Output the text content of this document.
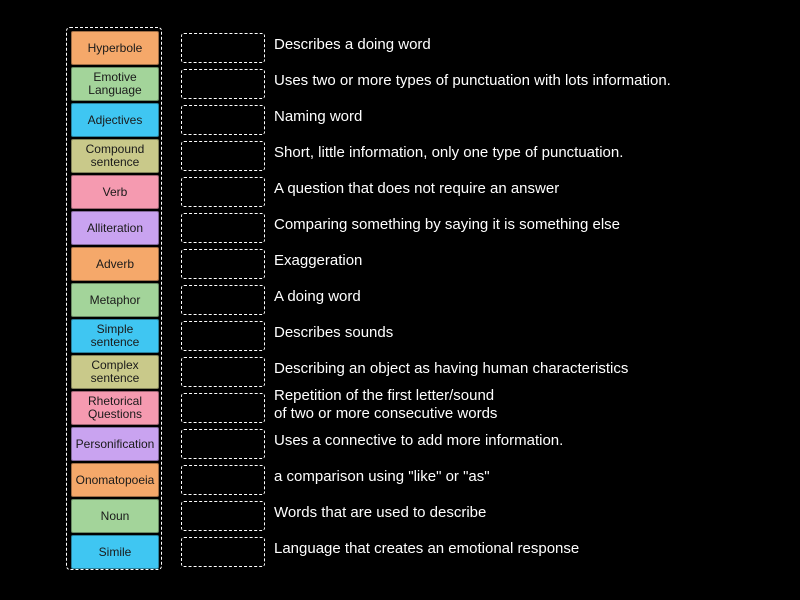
Hyperbole
Emotive
Language
Adjectives
Compound
sentence
Verb
Alliteration
Adverb
Metaphor
Simple
sentence
Complex
sentence
Rhetorical
Questions
Personification
Onomatopoeia
Noun
Simile
Describes a doing word
Uses two or more types of punctuation with lots information.
Naming word
Short, little information, only one type of punctuation.
A question that does not require an answer
Comparing something by saying it is something else
Exaggeration
A doing word
Describes sounds
Describing an object as having human characteristics
Repetition of the first letter/sound
of two or more consecutive words
Uses a connective to add more information.
a comparison using "like" or "as"
Words that are used to describe
Language that creates an emotional response
